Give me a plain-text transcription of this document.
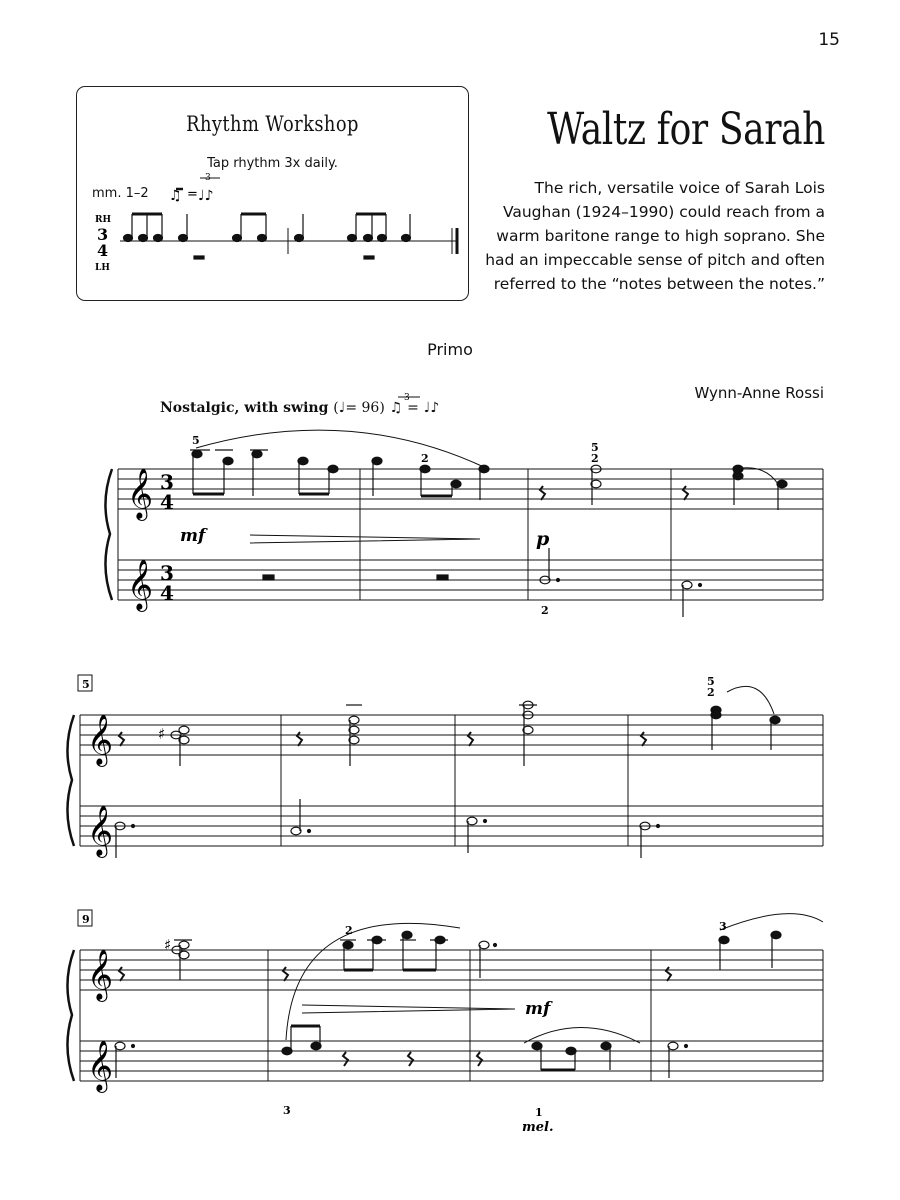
15
Rhythm Workshop
Tap rhythm 3x daily.
mm. 1–2
Waltz for Sarah
The rich, versatile voice of Sarah Lois
Vaughan (1924–1990) could reach from a
warm baritone range to high soprano. She
had an impeccable sense of pitch and often
referred to the “notes between the notes.”
Primo
Wynn-Anne Rossi
Nostalgic, with swing (♩= 96) ♫ = ♩♪
3
♫ = ♩♪
RH
LH
3
4
3
𝄞
𝄞
3
4
3
4
mf	p
5
2
5
2
2
5
𝄞
𝄞
5
2
♯
9
𝄞
𝄞
♯
mf
mel.
2	3
3	1
